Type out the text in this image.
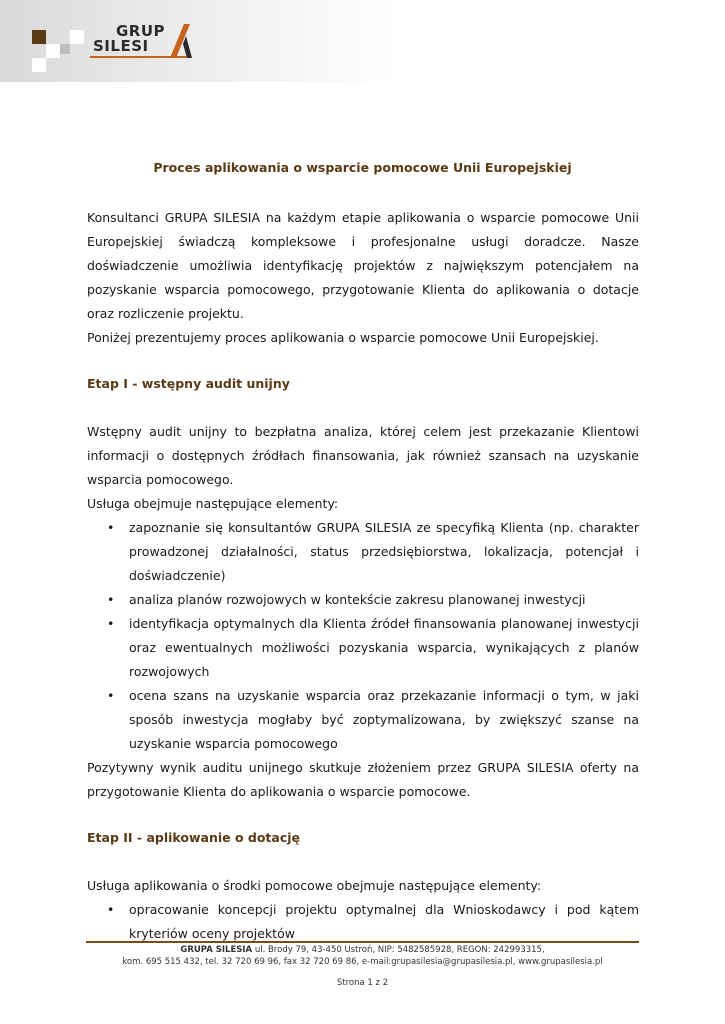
GRUP
SILESI
Proces aplikowania o wsparcie pomocowe Unii Europejskiej

Konsultanci GRUPA SILESIA na każdym etapie aplikowania o wsparcie pomocowe Unii Europejskiej świadczą kompleksowe i profesjonalne usługi doradcze. Nasze doświadczenie umożliwia identyfikację projektów z największym potencjałem na pozyskanie wsparcia pomocowego, przygotowanie Klienta do aplikowania o dotacje oraz rozliczenie projektu.

Poniżej prezentujemy proces aplikowania o wsparcie pomocowe Unii Europejskiej.

Etap I - wstępny audit unijny

Wstępny audit unijny to bezpłatna analiza, której celem jest przekazanie Klientowi informacji o dostępnych źródłach finansowania, jak również szansach na uzyskanie wsparcia pomocowego.

Usługa obejmuje następujące elementy:

• zapoznanie się konsultantów GRUPA SILESIA ze specyfiką Klienta (np. charakter prowadzonej działalności, status przedsiębiorstwa, lokalizacja, potencjał i doświadczenie)
• analiza planów rozwojowych w kontekście zakresu planowanej inwestycji
• identyfikacja optymalnych dla Klienta źródeł finansowania planowanej inwestycji oraz ewentualnych możliwości pozyskania wsparcia, wynikających z planów rozwojowych
• ocena szans na uzyskanie wsparcia oraz przekazanie informacji o tym, w jaki sposób inwestycja mogłaby być zoptymalizowana, by zwiększyć szanse na uzyskanie wsparcia pomocowego

Pozytywny wynik auditu unijnego skutkuje złożeniem przez GRUPA SILESIA oferty na przygotowanie Klienta do aplikowania o wsparcie pomocowe.

Etap II - aplikowanie o dotację

Usługa aplikowania o środki pomocowe obejmuje następujące elementy:

• opracowanie koncepcji projektu optymalnej dla Wnioskodawcy i pod kątem kryteriów oceny projektów
GRUPA SILESIA ul. Brody 79, 43-450 Ustroń, NIP: 5482585928, REGON: 242993315,
kom. 695 515 432, tel. 32 720 69 96, fax 32 720 69 86, e-mail:grupasilesia@grupasilesia.pl, www.grupasilesia.pl
Strona 1 z 2
